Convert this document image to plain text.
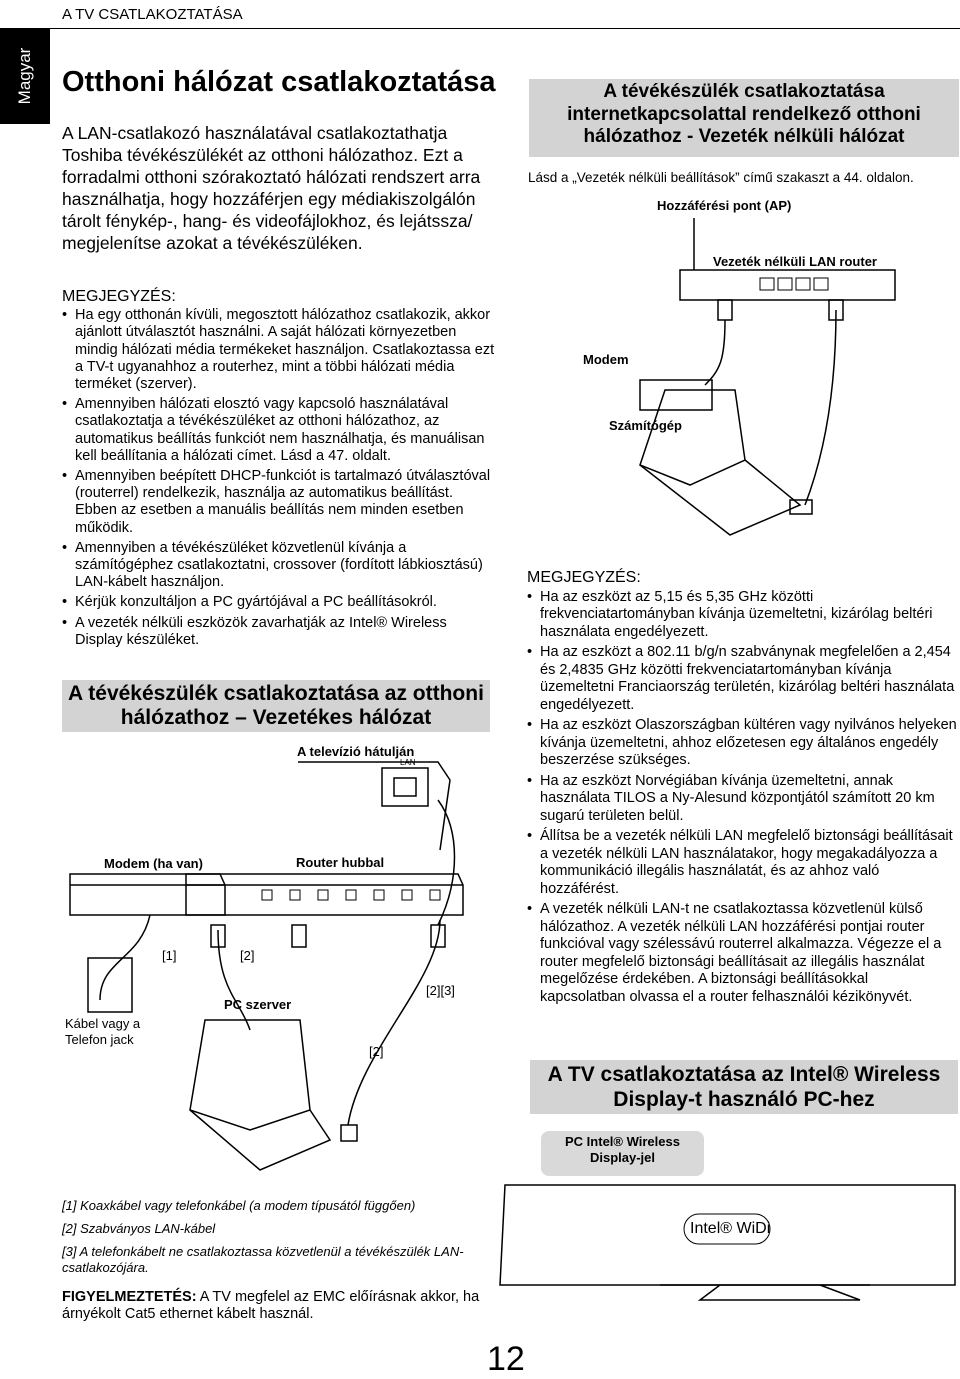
A TV CSATLAKOZTATÁSA
Magyar Otthoni hálózat csatlakoztatása
A LAN-csatlakozó használatával csatlakoztathatja Toshiba tévékészülékét az otthoni hálózathoz. Ezt a forradalmi otthoni szórakoztató hálózati rendszert arra használhatja, hogy hozzáférjen egy médiakiszolgálón tárolt fénykép-, hang- és videofájlokhoz, és lejátssza/ megjelenítse azokat a tévékészüléken.
MEGJEGYZÉS:
• Ha egy otthonán kívüli, megosztott hálózathoz csatlakozik, akkor ajánlott útválasztót használni. A saját hálózati környezetben mindig hálózati média termékeket használjon. Csatlakoztassa ezt a TV-t ugyanahhoz a routerhez, mint a többi hálózati média terméket (szerver).
• Amennyiben hálózati elosztó vagy kapcsoló használatával csatlakoztatja a tévékészüléket az otthoni hálózathoz, az automatikus beállítás funkciót nem használhatja, és manuálisan kell beállítania a hálózati címet. Lásd a 47. oldalt.
• Amennyiben beépített DHCP-funkciót is tartalmazó útválasztóval (routerrel) rendelkezik, használja az automatikus beállítást. Ebben az esetben a manuális beállítás nem minden esetben működik.
• Amennyiben a tévékészüléket közvetlenül kívánja a számítógéphez csatlakoztatni, crossover (fordított lábkiosztású) LAN-kábelt használjon.
• Kérjük konzultáljon a PC gyártójával a PC beállításokról.
• A vezeték nélküli eszközök zavarhatják az Intel® Wireless Display készüléket.
A tévékészülék csatlakoztatása az otthoni hálózathoz – Vezetékes hálózat
A televízió hátulján
LAN
Modem (ha van)	Router hubbal
[1]	[2]
[2][3]
PC szerver
[2]
Kábel vagy a Telefon jack

[1] Koaxkábel vagy telefonkábel (a modem típusától függően)

[2] Szabványos LAN-kábel

[3] A telefonkábelt ne csatlakoztassa közvetlenül a tévékészülék LAN-csatlakozójára.

FIGYELMEZTETÉS: A TV megfelel az EMC előírásnak akkor, ha árnyékolt Cat5 ethernet kábelt használ.
A tévékészülék csatlakoztatása internetkapcsolattal rendelkező otthoni hálózathoz - Vezeték nélküli hálózat
Lásd a „Vezeték nélküli beállítások” című szakaszt a 44. oldalon.
Hozzáférési pont (AP)
Vezeték nélküli LAN router
Modem
Számítógép
MEGJEGYZÉS:
• Ha az eszközt az 5,15 és 5,35 GHz közötti frekvenciatartományban kívánja üzemeltetni, kizárólag beltéri használata engedélyezett.
• Ha az eszközt a 802.11 b/g/n szabványnak megfelelően a 2,454 és 2,4835 GHz közötti frekvenciatartományban kívánja üzemeltetni Franciaország területén, kizárólag beltéri használata engedélyezett.
• Ha az eszközt Olaszországban kültéren vagy nyilvános helyeken kívánja üzemeltetni, ahhoz előzetesen egy általános engedély beszerzése szükséges.
• Ha az eszközt Norvégiában kívánja üzemeltetni, annak használata TILOS a Ny-Alesund központjától számított 20 km sugarú területen belül.
• Állítsa be a vezeték nélküli LAN megfelelő biztonsági beállításait a vezeték nélküli LAN használatakor, hogy megakadályozza a kommunikáció illegális használatát, és az ahhoz való hozzáférést.
• A vezeték nélküli LAN-t ne csatlakoztassa közvetlenül külső hálózathoz. A vezeték nélküli LAN hozzáférési pontjai router funkcióval vagy szélessávú routerrel alkalmazza. Végezze el a router megfelelő biztonsági beállításait az illegális használat megelőzése érdekében. A biztonsági beállításokkal kapcsolatban olvassa el a router felhasználói kézikönyvét.
A TV csatlakoztatása az Intel® Wireless Display-t használó PC-hez
PC Intel® Wireless Display-jel
Intel® WiDi
12
